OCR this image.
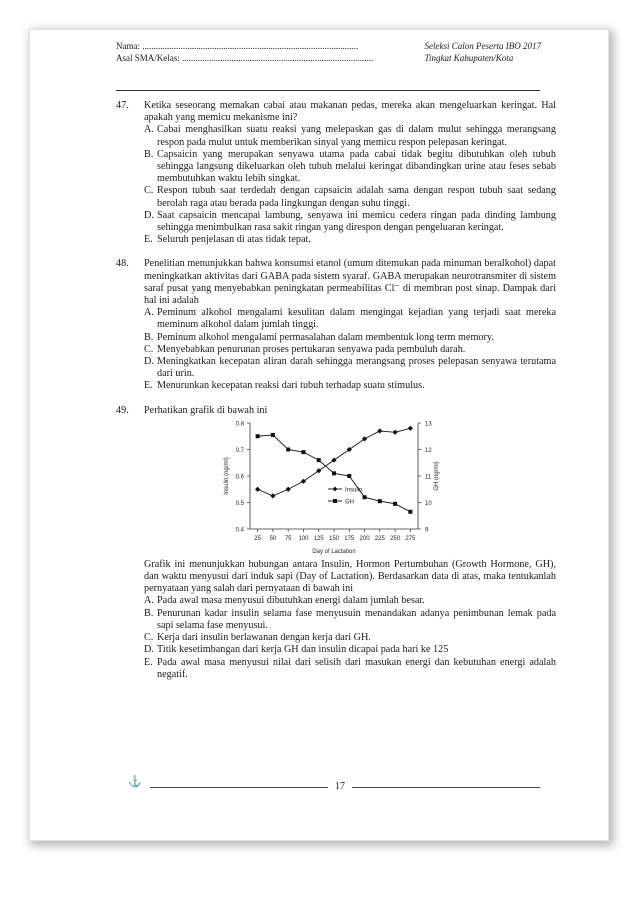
Nama: ................................................................................................
Asal SMA/Kelas: .....................................................................................
Seleksi Calon Peserta IBO 2017
Tingkat Kabupaten/Kota
47. Ketika seseorang memakan cabai atau makanan pedas, mereka akan mengeluarkan keringat. Hal apakah yang memicu mekanisme ini?
A. Cabai menghasilkan suatu reaksi yang melepaskan gas di dalam mulut sehingga merangsang respon pada mulut untuk memberikan sinyal yang memicu respon pelepasan keringat.
B. Capsaicin yang merupakan senyawa utama pada cabai tidak begitu dibutuhkan oleh tubuh sehingga langsung dikeluarkan oleh tubuh melalui keringat dibandingkan urine atau feses sebab membutuhkan waktu lebih singkat.
C. Respon tubuh saat terdedah dengan capsaicin adalah sama dengan respon tubuh saat sedang berolah raga atau berada pada lingkungan dengan suhu tinggi.
D. Saat capsaicin mencapai lambung, senyawa ini memicu cedera ringan pada dinding lambung sehingga menimbulkan rasa sakit ringan yang direspon dengan pengeluaran keringat.
E. Seluruh penjelasan di atas tidak tepat.
48. Penelitian menunjukkan bahwa konsumsi etanol (umum ditemukan pada minuman beralkohol) dapat meningkatkan aktivitas dari GABA pada sistem syaraf. GABA merupakan neurotransmiter di sistem saraf pusat yang menyebabkan peningkatan permeabilitas Cl⁻ di membran post sinap. Dampak dari hal ini adalah
A. Peminum alkohol mengalami kesulitan dalam mengingat kejadian yang terjadi saat mereka meminum alkohol dalam jumlah tinggi.
B. Peminum alkohol mengalami permasalahan dalam membentuk long term memory.
C. Menyebabkan penurunan proses pertukaran senyawa pada pembuluh darah.
D. Meningkatkan kecepatan aliran darah sehingga merangsang proses pelepasan senyawa terutama dari urin.
E. Menurunkan kecepatan reaksi dari tubuh terhadap suatu stimulus.
49. Perhatikan grafik di bawah ini
0.4
0.5
0.6
0.7
0.8
9
10
11
12
13
25 50 75 100 125 150 175 200 225 250 275
Day of Lactation
Insulin (ng/ml)	GH (ng/ml)
Insulin
GH
Grafik ini menunjukkan hubungan antara Insulin, Hormon Pertumbuhan (Growth Hormone, GH), dan waktu menyusui dari induk sapi (Day of Lactation). Berdasarkan data di atas, maka tentukanlah pernyataan yang salah dari pernyataan di bawah ini
A. Pada awal masa menyusui dibutuhkan energi dalam jumlah besar.
B. Penurunan kadar insulin selama fase menyusuin menandakan adanya penimbunan lemak pada sapi selama fase menyusui.
C. Kerja dari insulin berlawanan dengan kerja dari GH.
D. Titik kesetimbangan dari kerja GH dan insulin dicapai pada hari ke 125
E. Pada awal masa menyusui nilai dari selisih dari masukan energi dan kebutuhan energi adalah negatif.
⚓	17
